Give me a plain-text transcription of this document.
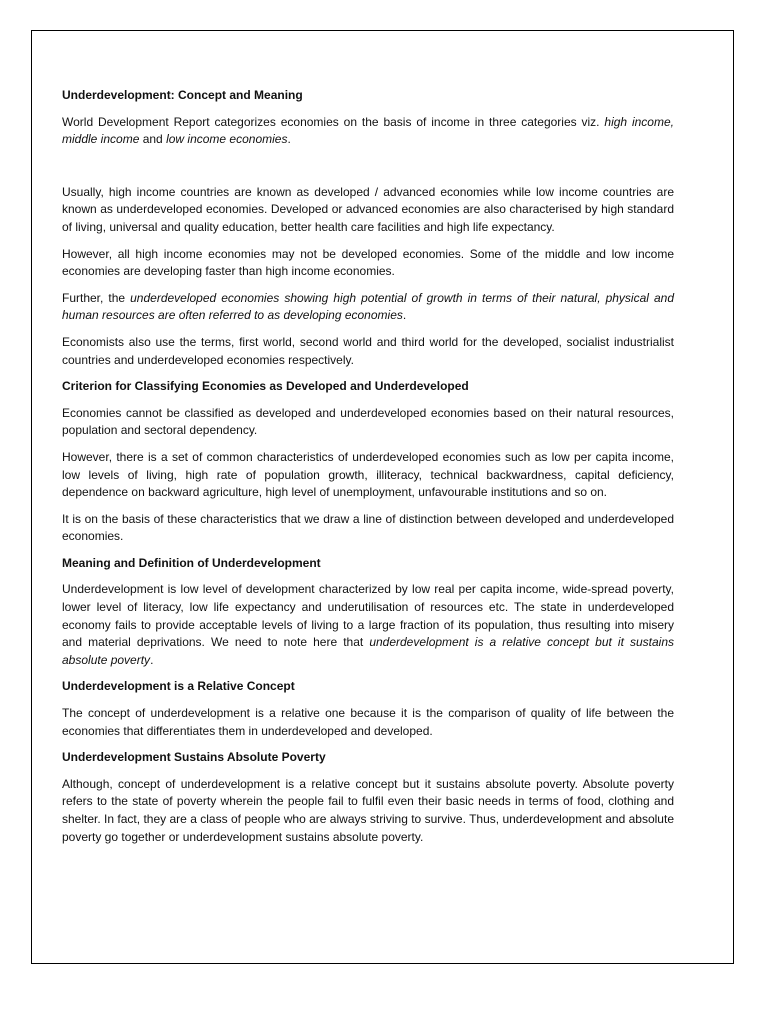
Underdevelopment: Concept and Meaning

World Development Report categorizes economies on the basis of income in three categories viz. high income, middle income and low income economies.

Usually, high income countries are known as developed / advanced economies while low income countries are known as underdeveloped economies. Developed or advanced economies are also characterised by high standard of living, universal and quality education, better health care facilities and high life expectancy.

However, all high income economies may not be developed economies. Some of the middle and low income economies are developing faster than high income economies.

Further, the underdeveloped economies showing high potential of growth in terms of their natural, physical and human resources are often referred to as developing economies.

Economists also use the terms, first world, second world and third world for the developed, socialist industrialist countries and underdeveloped economies respectively.

Criterion for Classifying Economies as Developed and Underdeveloped

Economies cannot be classified as developed and underdeveloped economies based on their natural resources, population and sectoral dependency.

However, there is a set of common characteristics of underdeveloped economies such as low per capita income, low levels of living, high rate of population growth, illiteracy, technical backwardness, capital deficiency, dependence on backward agriculture, high level of unemployment, unfavourable institutions and so on.

It is on the basis of these characteristics that we draw a line of distinction between developed and underdeveloped economies.

Meaning and Definition of Underdevelopment

Underdevelopment is low level of development characterized by low real per capita income, wide-spread poverty, lower level of literacy, low life expectancy and underutilisation of resources etc. The state in underdeveloped economy fails to provide acceptable levels of living to a large fraction of its population, thus resulting into misery and material deprivations. We need to note here that underdevelopment is a relative concept but it sustains absolute poverty.

Underdevelopment is a Relative Concept

The concept of underdevelopment is a relative one because it is the comparison of quality of life between the economies that differentiates them in underdeveloped and developed.

Underdevelopment Sustains Absolute Poverty

Although, concept of underdevelopment is a relative concept but it sustains absolute poverty. Absolute poverty refers to the state of poverty wherein the people fail to fulfil even their basic needs in terms of food, clothing and shelter. In fact, they are a class of people who are always striving to survive. Thus, underdevelopment and absolute poverty go together or underdevelopment sustains absolute poverty.
